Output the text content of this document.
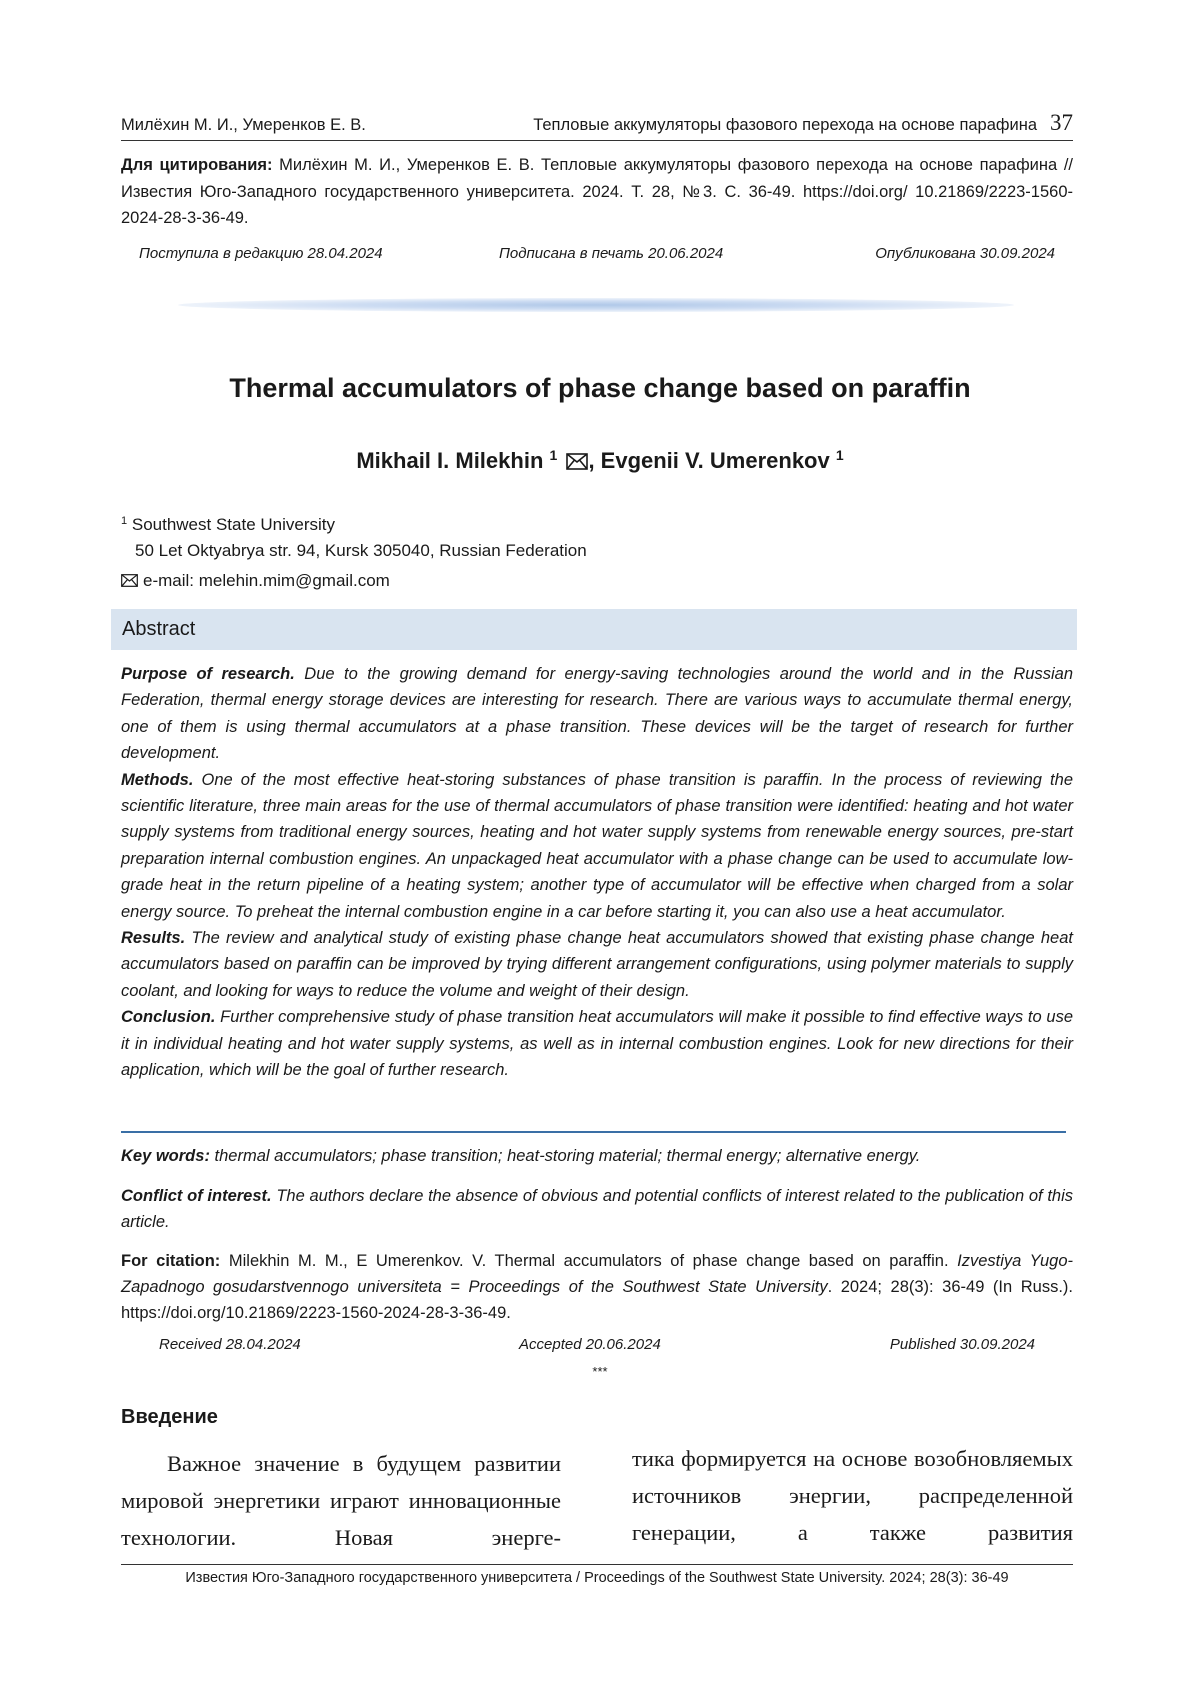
Милёхин М. И., Умеренков Е. В.	Тепловые аккумуляторы фазового перехода на основе парафина 37
Для цитирования: Милёхин М. И., Умеренков Е. В. Тепловые аккумуляторы фазового перехода на основе парафина // Известия Юго-Западного государственного университета. 2024. Т. 28, №3. С. 36-49. https://doi.org/ 10.21869/2223-1560-2024-28-3-36-49.
Поступила в редакцию 28.04.2024	Подписана в печать 20.06.2024	Опубликована 30.09.2024
Thermal accumulators of phase change based on paraffin
Mikhail I. Milekhin $^1$ , Evgenii V. Umerenkov $^1$
$^1$ Southwest State University
50 Let Oktyabrya str. 94, Kursk 305040, Russian Federation
e-mail: melehin.mim@gmail.com
Abstract

Purpose of research. Due to the growing demand for energy-saving technologies around the world and in the Russian Federation, thermal energy storage devices are interesting for research. There are various ways to accumulate thermal energy, one of them is using thermal accumulators at a phase transition. These devices will be the target of research for further development.

Methods. One of the most effective heat-storing substances of phase transition is paraffin. In the process of reviewing the scientific literature, three main areas for the use of thermal accumulators of phase transition were identified: heating and hot water supply systems from traditional energy sources, heating and hot water supply systems from renewable energy sources, pre-start preparation internal combustion engines. An unpackaged heat accumulator with a phase change can be used to accumulate low-grade heat in the return pipeline of a heating system; another type of accumulator will be effective when charged from a solar energy source. To preheat the internal combustion engine in a car before starting it, you can also use a heat accumulator.

Results. The review and analytical study of existing phase change heat accumulators showed that existing phase change heat accumulators based on paraffin can be improved by trying different arrangement configurations, using polymer materials to supply coolant, and looking for ways to reduce the volume and weight of their design.

Conclusion. Further comprehensive study of phase transition heat accumulators will make it possible to find effective ways to use it in individual heating and hot water supply systems, as well as in internal combustion engines. Look for new directions for their application, which will be the goal of further research.

Key words: thermal accumulators; phase transition; heat-storing material; thermal energy; alternative energy.
Conflict of interest. The authors declare the absence of obvious and potential conflicts of interest related to the publication of this article.
For citation: Milekhin M. M., E Umerenkov. V. Thermal accumulators of phase change based on paraffin. Izvestiya Yugo-Zapadnogo gosudarstvennogo universiteta = Proceedings of the Southwest State University. 2024; 28(3): 36-49 (In Russ.). https://doi.org/10.21869/2223-1560-2024-28-3-36-49.
Received 28.04.2024	Accepted 20.06.2024	Published 30.09.2024
***
Введение
Важное значение в будущем развитии мировой энергетики играют инновационные технологии. Новая энерге-
тика формируется на основе возобновляемых источников энергии, распределенной генерации, а также развития
Известия Юго-Западного государственного университета / Proceedings of the Southwest State University. 2024; 28(3): 36-49
